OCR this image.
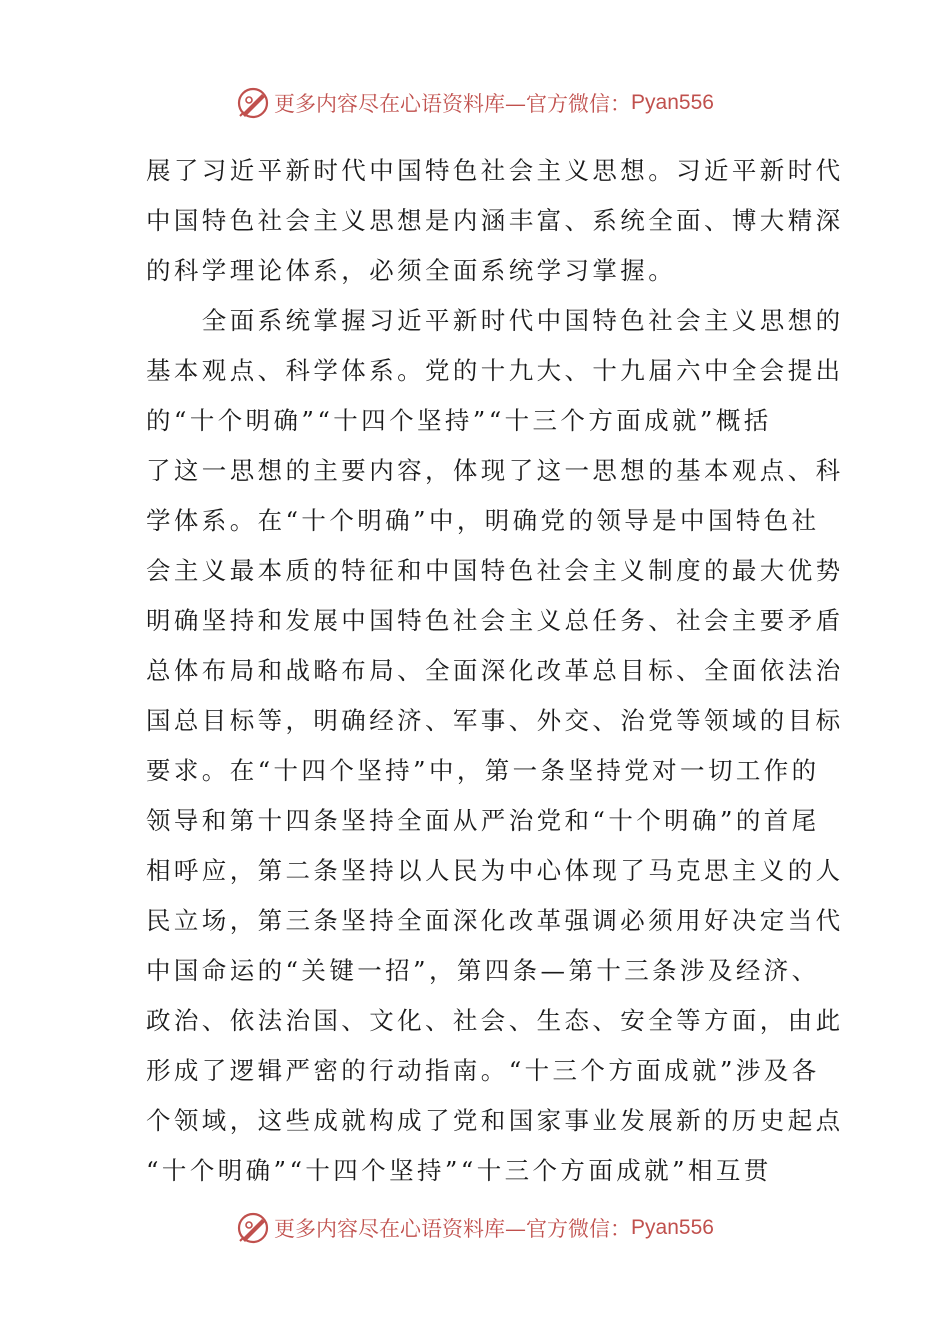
更多内容尽在心语资料库—官方微信： Pyan556
展了习近平新时代中国特色社会主义思想。习近平新时代
中国特色社会主义思想是内涵丰富、系统全面、博大精深
的科学理论体系，必须全面系统学习掌握。
　　全面系统掌握习近平新时代中国特色社会主义思想的
基本观点、科学体系。党的十九大、十九届六中全会提出
的“十个明确”“十四个坚持”“十三个方面成就”概括
了这一思想的主要内容，体现了这一思想的基本观点、科
学体系。在“十个明确”中，明确党的领导是中国特色社
会主义最本质的特征和中国特色社会主义制度的最大优势
明确坚持和发展中国特色社会主义总任务、社会主要矛盾
总体布局和战略布局、全面深化改革总目标、全面依法治
国总目标等，明确经济、军事、外交、治党等领域的目标
要求。在“十四个坚持”中，第一条坚持党对一切工作的
领导和第十四条坚持全面从严治党和“十个明确”的首尾
相呼应，第二条坚持以人民为中心体现了马克思主义的人
民立场，第三条坚持全面深化改革强调必须用好决定当代
中国命运的“关键一招”，第四条—第十三条涉及经济、
政治、依法治国、文化、社会、生态、安全等方面，由此
形成了逻辑严密的行动指南。“十三个方面成就”涉及各
个领域，这些成就构成了党和国家事业发展新的历史起点
“十个明确”“十四个坚持”“十三个方面成就”相互贯
更多内容尽在心语资料库—官方微信： Pyan556
